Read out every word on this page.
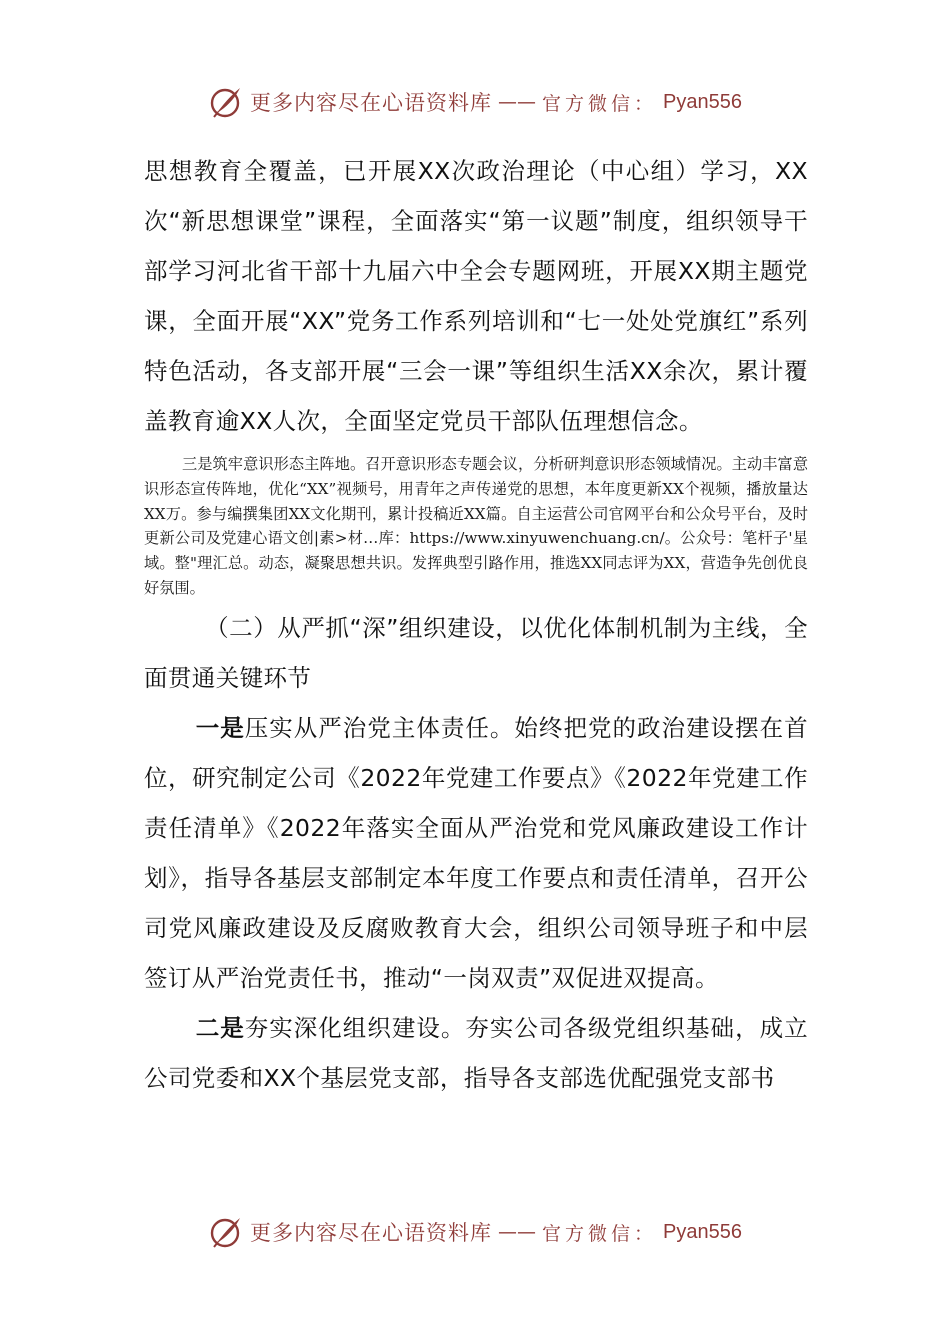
更多内容尽在心语资料库 —— 官方微信： Pyan556

思想教育全覆盖，已开展XX次政治理论（中心组）学习，XX次“新思想课堂”课程，全面落实“第一议题”制度，组织领导干部学习河北省干部十九届六中全会专题网班，开展XX期主题党课，全面开展“XX”党务工作系列培训和“七一处处党旗红”系列特色活动，各支部开展“三会一课”等组织生活XX余次，累计覆盖教育逾XX人次，全面坚定党员干部队伍理想信念。

三是筑牢意识形态主阵地。召开意识形态专题会议，分析研判意识形态领域情况。主动丰富意识形态宣传阵地，优化“XX”视频号，用青年之声传递党的思想，本年度更新XX个视频，播放量达XX万。参与编撰集团XX文化期刊，累计投稿近XX篇。自主运营公司官网平台和公众号平台，及时更新公司及党建心语文创|素>材…库：https://www.xinyuwenchuang.cn/。公众号：笔杆子'星域。整"理汇总。动态，凝聚思想共识。发挥典型引路作用，推选XX同志评为XX，营造争先创优良好氛围。

（二）从严抓“深”组织建设，以优化体制机制为主线，全面贯通关键环节

一是压实从严治党主体责任。始终把党的政治建设摆在首位，研究制定公司《2022年党建工作要点》《2022年党建工作责任清单》《2022年落实全面从严治党和党风廉政建设工作计划》，指导各基层支部制定本年度工作要点和责任清单，召开公司党风廉政建设及反腐败教育大会，组织公司领导班子和中层签订从严治党责任书，推动“一岗双责”双促进双提高。

二是夯实深化组织建设。夯实公司各级党组织基础，成立公司党委和XX个基层党支部，指导各支部选优配强党支部书

更多内容尽在心语资料库 —— 官方微信： Pyan556
